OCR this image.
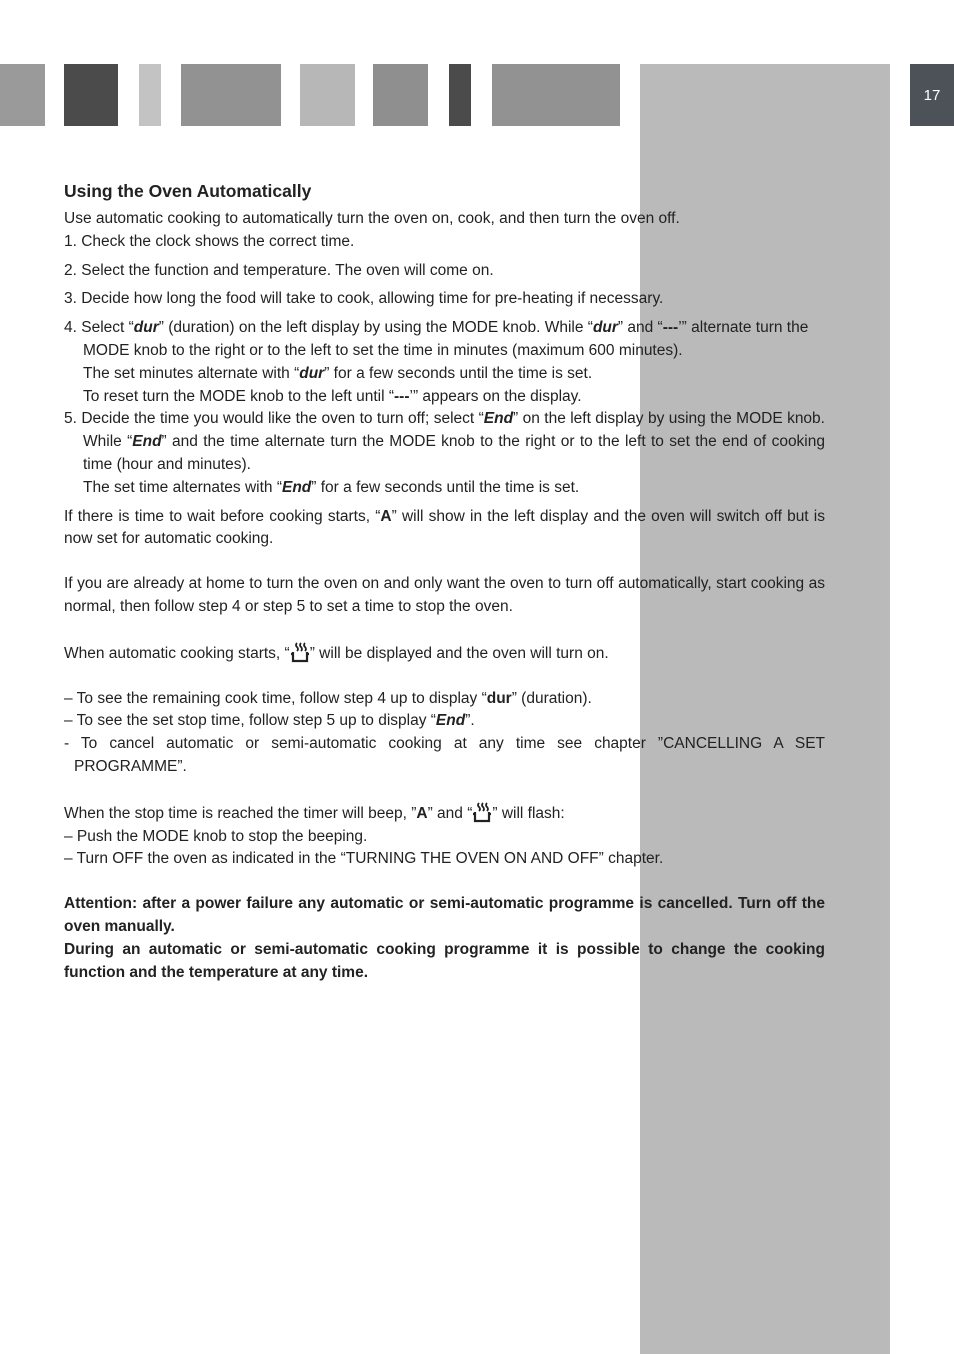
17
Using the Oven Automatically

Use automatic cooking to automatically turn the oven on, cook, and then turn the oven off.

1. Check the clock shows the correct time.

2. Select the function and temperature. The oven will come on.

3. Decide how long the food will take to cook, allowing time for pre-heating if necessary.

4. Select “dur” (duration) on the left display by using the MODE knob. While “dur” and “---’” alternate turn the MODE knob to the right or to the left to set the time in minutes (maximum 600 minutes).

The set minutes alternate with “dur” for a few seconds until the time is set.

To reset turn the MODE knob to the left until “---’” appears on the display.

5. Decide the time you would like the oven to turn off; select “End” on the left display by using the MODE knob. While “End” and the time alternate turn the MODE knob to the right or to the left to set the end of cooking time (hour and minutes).

The set time alternates with “End” for a few seconds until the time is set.

If there is time to wait before cooking starts, “A” will show in the left display and the oven will switch off but is now set for automatic cooking.

If you are already at home to turn the oven on and only want the oven to turn off automatically, start cooking as normal, then follow step 4 or step 5 to set a time to stop the oven.

When automatic cooking starts, “ ” will be displayed and the oven will turn on.

– To see the remaining cook time, follow step 4 up to display “dur” (duration).

– To see the set stop time, follow step 5 up to display “End”.

- To cancel automatic or semi-automatic cooking at any time see chapter ”CANCELLING A SET PROGRAMME”.

When the stop time is reached the timer will beep, ”A” and “ ” will flash:

– Push the MODE knob to stop the beeping.

– Turn OFF the oven as indicated in the “TURNING THE OVEN ON AND OFF” chapter.

Attention: after a power failure any automatic or semi-automatic programme is cancelled. Turn off the oven manually.

During an automatic or semi-automatic cooking programme it is possible to change the cooking function and the temperature at any time.
